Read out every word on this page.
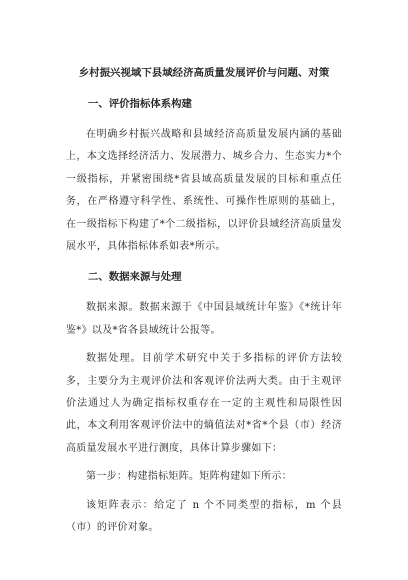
乡村振兴视域下县域经济高质量发展评价与问题、对策
一、评价指标体系构建

在明确乡村振兴战略和县域经济高质量发展内涵的基础上，本文选择经济活力、发展潜力、城乡合力、生态实力*个一级指标，并紧密围绕*省县域高质量发展的目标和重点任务，在严格遵守科学性、系统性、可操作性原则的基础上，在一级指标下构建了*个二级指标，以评价县域经济高质量发展水平，具体指标体系如表*所示。

二、数据来源与处理

数据来源。数据来源于《中国县域统计年鉴》《*统计年鉴*》以及*省各县域统计公报等。

数据处理。目前学术研究中关于多指标的评价方法较多，主要分为主观评价法和客观评价法两大类。由于主观评价法通过人为确定指标权重存在一定的主观性和局限性因此，本文利用客观评价法中的熵值法对*省*个县（市）经济高质量发展水平进行测度，具体计算步骤如下：

第一步：构建指标矩阵。矩阵构建如下所示：

该矩阵表示：给定了 n 个不同类型的指标，m 个县（市）的评价对象。
